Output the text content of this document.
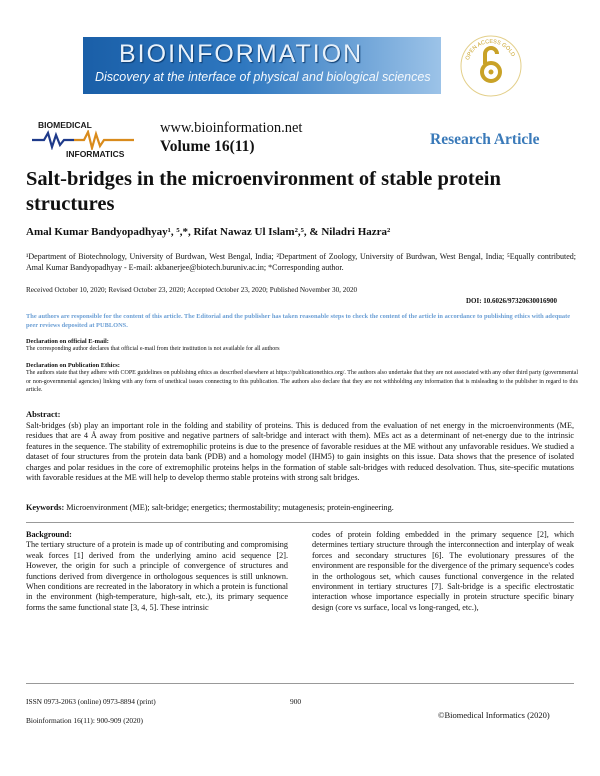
BIOINFORMATION
Discovery at the interface of physical and biological sciences
OPEN ACCESS GOLD
BIOMEDICAL
INFORMATICS
www.bioinformation.net
Volume 16(11)	Research Article
Salt-bridges in the microenvironment of stable protein structures
Amal Kumar Bandyopadhyay¹, ⁵,*, Rifat Nawaz Ul Islam²,⁵, & Niladri Hazra²
¹Department of Biotechnology, University of Burdwan, West Bengal, India; ²Department of Zoology, University of Burdwan, West Bengal, India; ⁵Equally contributed; Amal Kumar Bandyopadhyay - E-mail: akbanerjee@biotech.buruniv.ac.in; *Corresponding author.
Received October 10, 2020; Revised October 23, 2020; Accepted October 23, 2020; Published November 30, 2020
DOI: 10.6026/97320630016900
The authors are responsible for the content of this article. The Editorial and the publisher has taken reasonable steps to check the content of the article in accordance to publishing ethics with adequate peer reviews deposited at PUBLONS.
Declaration on official E-mail:
The corresponding author declares that official e-mail from their institution is not available for all authors
Declaration on Publication Ethics:
The authors state that they adhere with COPE guidelines on publishing ethics as described elsewhere at https://publicationethics.org/. The authors also undertake that they are not associated with any other third party (governmental or non-governmental agencies) linking with any form of unethical issues connecting to this publication. The authors also declare that they are not withholding any information that is misleading to the publisher in regard to this article.
Abstract:
Salt-bridges (sb) play an important role in the folding and stability of proteins. This is deduced from the evaluation of net energy in the microenvironments (ME, residues that are 4 Å away from positive and negative partners of salt-bridge and interact with them). MEs act as a determinant of net-energy due to the intrinsic features in the sequence. The stability of extremophilic proteins is due to the presence of favorable residues at the ME without any unfavorable residues. We studied a dataset of four structures from the protein data bank (PDB) and a homology model (IHM5) to gain insights on this issue. Data shows that the presence of isolated charges and polar residues in the core of extremophilic proteins helps in the formation of stable salt-bridges with reduced desolvation. Thus, site-specific mutations with favorable residues at the ME will help to develop thermo stable proteins with strong salt bridges.
Keywords: Microenvironment (ME); salt-bridge; energetics; thermostability; mutagenesis; protein-engineering.
Background:
The tertiary structure of a protein is made up of contributing and compromising weak forces [1] derived from the underlying amino acid sequence [2]. However, the origin for such a principle of convergence of structures and functions derived from divergence in orthologous sequences is still unknown. When conditions are recreated in the laboratory in which a protein is functional in the environment (high-temperature, high-salt, etc.), its primary sequence forms the same functional state [3, 4, 5]. These intrinsic
codes of protein folding embedded in the primary sequence [2], which determines tertiary structure through the interconnection and interplay of weak forces and secondary structures [6]. The evolutionary pressures of the environment are responsible for the divergence of the primary sequence's codes in the orthologous set, which causes functional convergence in the related environment in tertiary structures [7]. Salt-bridge is a specific electrostatic interaction whose importance especially in protein structure specific binary design (core vs surface, local vs long-ranged, etc.),
ISSN 0973-2063 (online) 0973-8894 (print)	900
Bioinformation 16(11): 900-909 (2020)
©Biomedical Informatics (2020)
